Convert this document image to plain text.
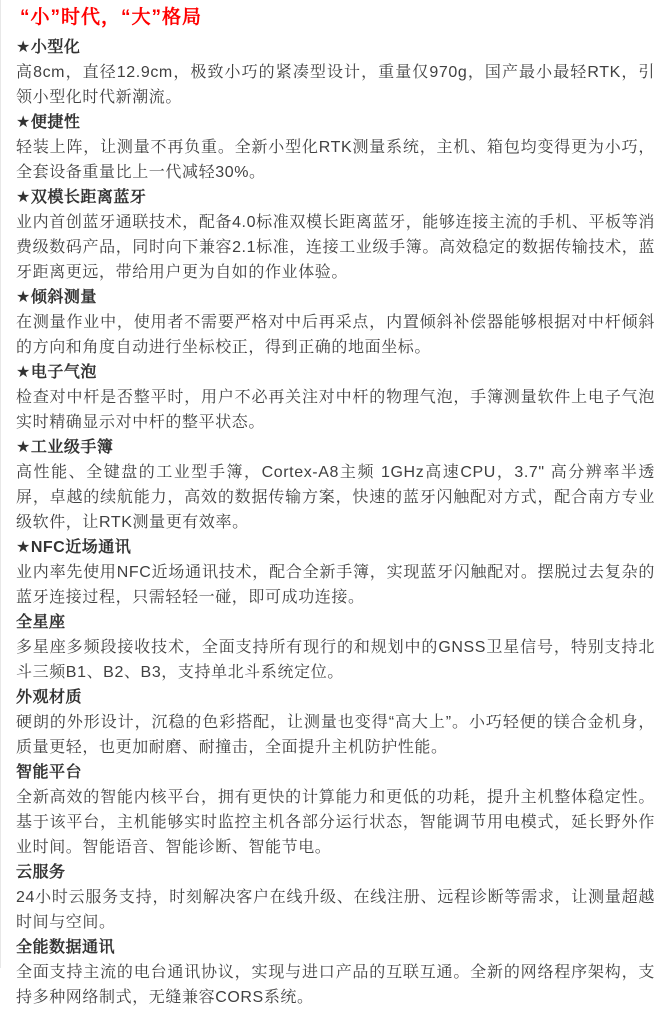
“小”时代，“大”格局
★小型化

高8cm，直径12.9cm，极致小巧的紧凑型设计，重量仅970g，国产最小最轻RTK，引领小型化时代新潮流。

★便捷性

轻装上阵，让测量不再负重。全新小型化RTK测量系统，主机、箱包均变得更为小巧，全套设备重量比上一代减轻30%。

★双模长距离蓝牙

业内首创蓝牙通联技术，配备4.0标准双模长距离蓝牙，能够连接主流的手机、平板等消费级数码产品，同时向下兼容2.1标准，连接工业级手簿。高效稳定的数据传输技术，蓝牙距离更远，带给用户更为自如的作业体验。

★倾斜测量

在测量作业中，使用者不需要严格对中后再采点，内置倾斜补偿器能够根据对中杆倾斜的方向和角度自动进行坐标校正，得到正确的地面坐标。

★电子气泡

检查对中杆是否整平时，用户不必再关注对中杆的物理气泡，手簿测量软件上电子气泡实时精确显示对中杆的整平状态。

★工业级手簿

高性能、全键盘的工业型手簿，Cortex-A8主频 1GHz高速CPU，3.7" 高分辨率半透屏，卓越的续航能力，高效的数据传输方案，快速的蓝牙闪触配对方式，配合南方专业级软件，让RTK测量更有效率。

★NFC近场通讯

业内率先使用NFC近场通讯技术，配合全新手簿，实现蓝牙闪触配对。摆脱过去复杂的蓝牙连接过程，只需轻轻一碰，即可成功连接。

全星座

多星座多频段接收技术，全面支持所有现行的和规划中的GNSS卫星信号，特别支持北斗三频B1、B2、B3，支持单北斗系统定位。

外观材质

硬朗的外形设计，沉稳的色彩搭配，让测量也变得“高大上”。小巧轻便的镁合金机身，质量更轻，也更加耐磨、耐撞击，全面提升主机防护性能。

智能平台

全新高效的智能内核平台，拥有更快的计算能力和更低的功耗，提升主机整体稳定性。基于该平台，主机能够实时监控主机各部分运行状态，智能调节用电模式，延长野外作业时间。智能语音、智能诊断、智能节电。

云服务

24小时云服务支持，时刻解决客户在线升级、在线注册、远程诊断等需求，让测量超越时间与空间。

全能数据通讯

全面支持主流的电台通讯协议，实现与进口产品的互联互通。全新的网络程序架构，支持多种网络制式，无缝兼容CORS系统。
